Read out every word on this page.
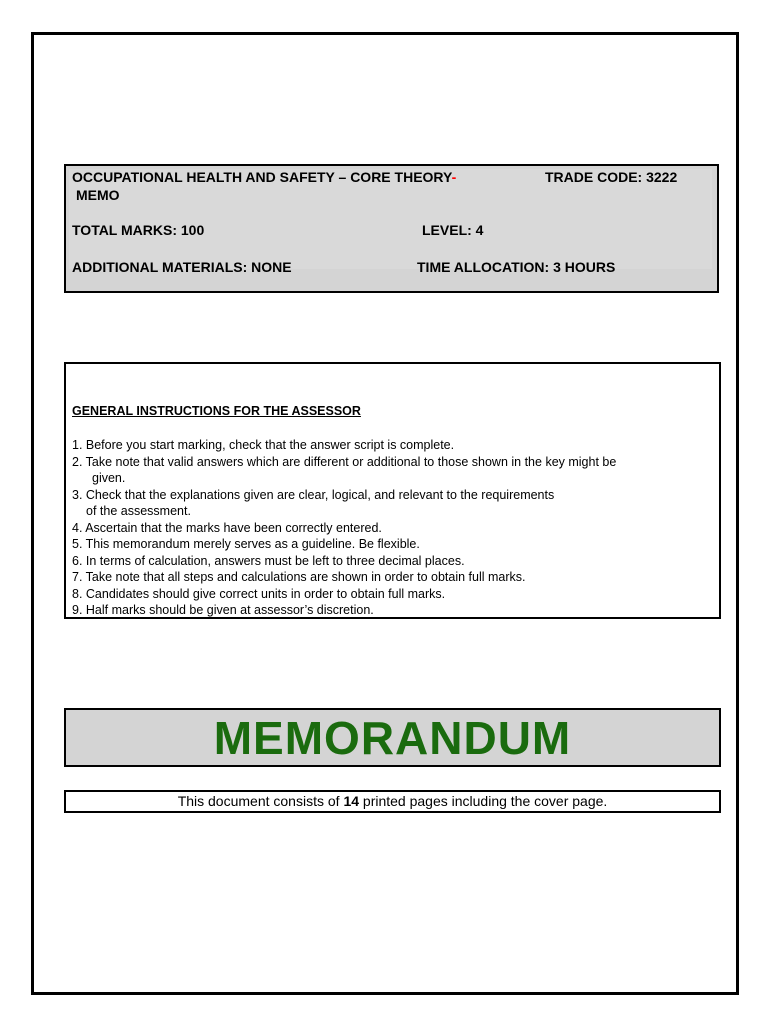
OCCUPATIONAL HEALTH AND SAFETY – CORE THEORY-
MEMO
TRADE CODE: 3222
TOTAL MARKS: 100	LEVEL: 4
ADDITIONAL MATERIALS: NONE	TIME ALLOCATION: 3 HOURS
GENERAL INSTRUCTIONS FOR THE ASSESSOR
1. Before you start marking, check that the answer script is complete.
2. Take note that valid answers which are different or additional to those shown in the key might be
given.
3. Check that the explanations given are clear, logical, and relevant to the requirements
of the assessment.
4. Ascertain that the marks have been correctly entered.
5. This memorandum merely serves as a guideline. Be flexible.
6. In terms of calculation, answers must be left to three decimal places.
7. Take note that all steps and calculations are shown in order to obtain full marks.
8. Candidates should give correct units in order to obtain full marks.
9. Half marks should be given at assessor’s discretion.
MEMORANDUM
This document consists of 14 printed pages including the cover page.
